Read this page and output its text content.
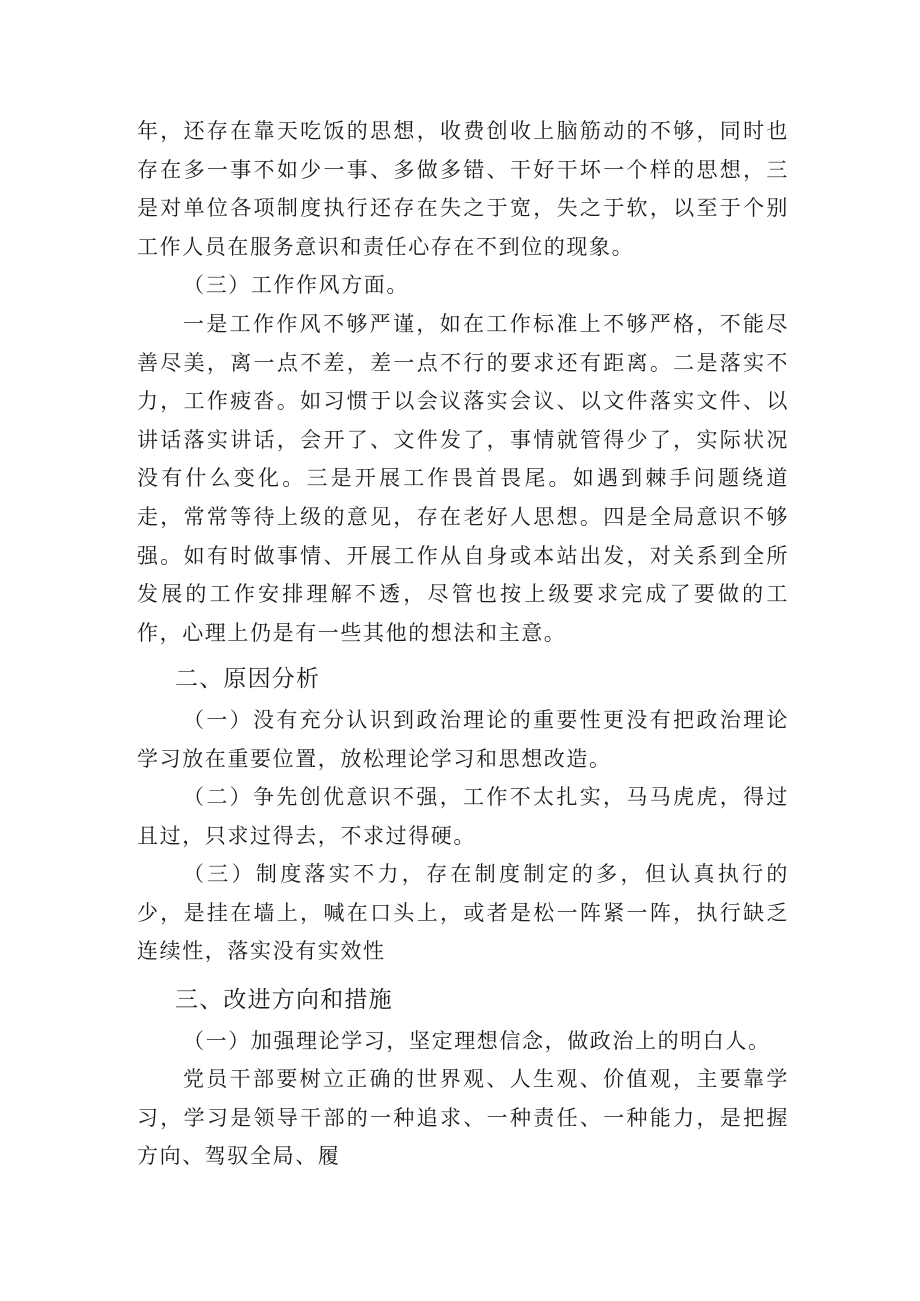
年，还存在靠天吃饭的思想，收费创收上脑筋动的不够，同时也存在多一事不如少一事、多做多错、干好干坏一个样的思想，三是对单位各项制度执行还存在失之于宽，失之于软，以至于个别工作人员在服务意识和责任心存在不到位的现象。

（三）工作作风方面。

一是工作作风不够严谨，如在工作标准上不够严格，不能尽善尽美，离一点不差，差一点不行的要求还有距离。二是落实不力，工作疲沓。如习惯于以会议落实会议、以文件落实文件、以讲话落实讲话，会开了、文件发了，事情就管得少了，实际状况没有什么变化。三是开展工作畏首畏尾。如遇到棘手问题绕道走，常常等待上级的意见，存在老好人思想。四是全局意识不够强。如有时做事情、开展工作从自身或本站出发，对关系到全所发展的工作安排理解不透，尽管也按上级要求完成了要做的工作，心理上仍是有一些其他的想法和主意。

二、原因分析

（一）没有充分认识到政治理论的重要性更没有把政治理论学习放在重要位置，放松理论学习和思想改造。

（二）争先创优意识不强，工作不太扎实，马马虎虎，得过且过，只求过得去，不求过得硬。

（三）制度落实不力，存在制度制定的多，但认真执行的少，是挂在墙上，喊在口头上，或者是松一阵紧一阵，执行缺乏连续性，落实没有实效性

三、改进方向和措施

（一）加强理论学习，坚定理想信念，做政治上的明白人。

党员干部要树立正确的世界观、人生观、价值观，主要靠学习，学习是领导干部的一种追求、一种责任、一种能力，是把握方向、驾驭全局、履
